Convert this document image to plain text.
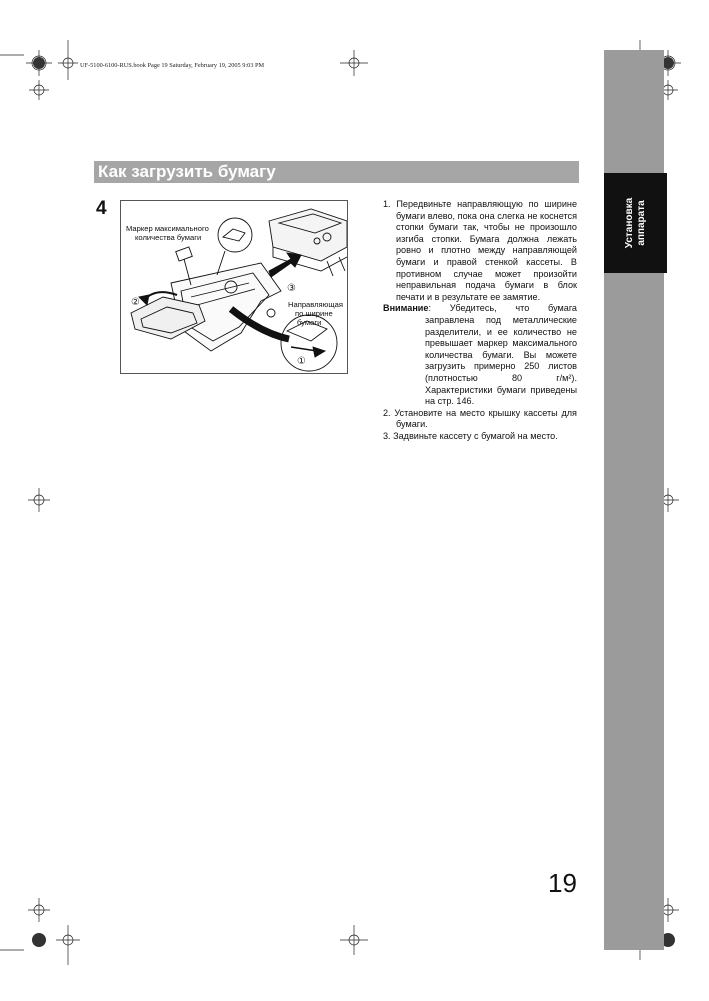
UF-5100-6100-RUS.book Page 19 Saturday, February 19, 2005 9:03 PM
Установка аппарата
Как загрузить бумагу
4
Маркер максимального
количества бумаги
Направляющая
по ширине
бумаги
①
②
③

1. Передвиньте направляющую по ширине бумаги влево, пока она слегка не коснется стопки бумаги так, чтобы не произошло изгиба стопки. Бумага должна лежать ровно и плотно между направляющей бумаги и правой стенкой кассеты. В противном случае может произойти неправильная подача бумаги в блок печати и в результате ее замятие.

Внимание: Убедитесь, что бумага заправлена под металлические разделители, и ее количество не превышает маркер максимального количества бумаги. Вы можете загрузить примерно 250 листов (плотностью 80 г/м²). Характеристики бумаги приведены на стр. 146.

2. Установите на место крышку кассеты для бумаги.

3. Задвиньте кассету с бумагой на место.

19
